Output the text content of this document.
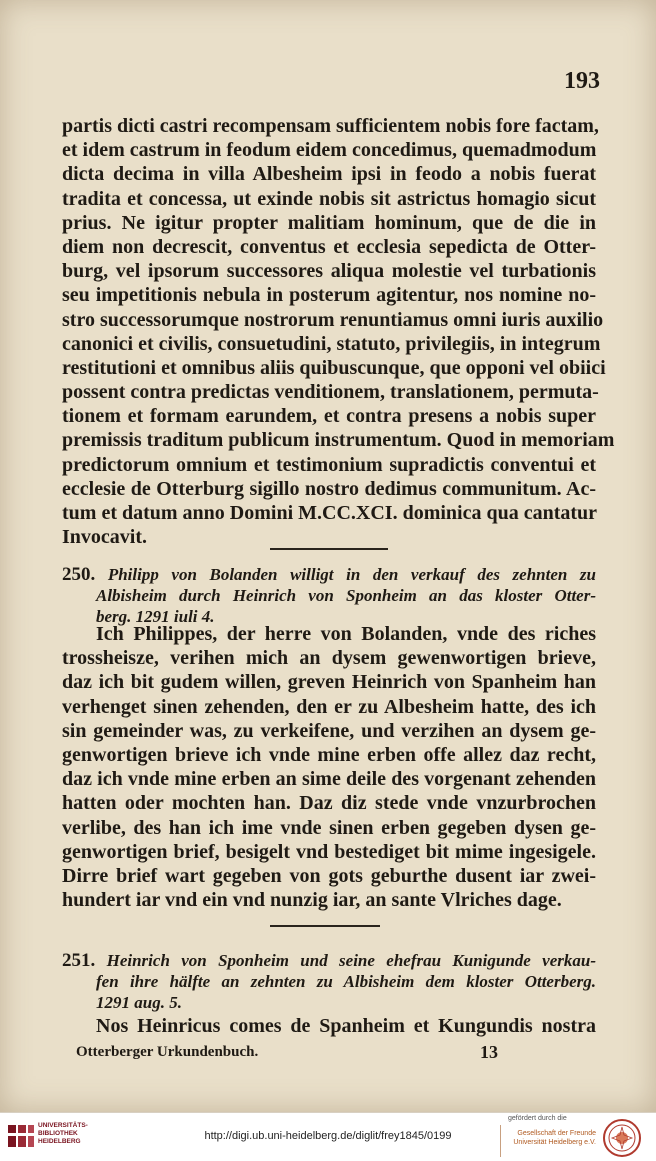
193
partis dicti castri recompensam sufficientem nobis fore factam,
et idem castrum in feodum eidem concedimus, quemadmodum
dicta decima in villa Albesheim ipsi in feodo a nobis fuerat
tradita et concessa, ut exinde nobis sit astrictus homagio sicut
prius. Ne igitur propter malitiam hominum, que de die in
diem non decrescit, conventus et ecclesia sepedicta de Otter-
burg, vel ipsorum successores aliqua molestie vel turbationis
seu impetitionis nebula in posterum agitentur, nos nomine no-
stro successorumque nostrorum renuntiamus omni iuris auxilio
canonici et civilis, consuetudini, statuto, privilegiis, in integrum
restitutioni et omnibus aliis quibuscunque, que opponi vel obiici
possent contra predictas venditionem, translationem, permuta-
tionem et formam earundem, et contra presens a nobis super
premissis traditum publicum instrumentum. Quod in memoriam
predictorum omnium et testimonium supradictis conventui et
ecclesie de Otterburg sigillo nostro dedimus communitum. Ac-
tum et datum anno Domini M.CC.XCI. dominica qua cantatur
Invocavit.
250. Philipp von Bolanden willigt in den verkauf des zehnten zu
Albisheim durch Heinrich von Sponheim an das kloster Otter-
berg. 1291 iuli 4.
Ich Philippes, der herre von Bolanden, vnde des riches
trossheisze, verihen mich an dysem gewenwortigen brieve,
daz ich bit gudem willen, greven Heinrich von Spanheim han
verhenget sinen zehenden, den er zu Albesheim hatte, des ich
sin gemeinder was, zu verkeifene, und verzihen an dysem ge-
genwortigen brieve ich vnde mine erben offe allez daz recht,
daz ich vnde mine erben an sime deile des vorgenant zehenden
hatten oder mochten han. Daz diz stede vnde vnzurbrochen
verlibe, des han ich ime vnde sinen erben gegeben dysen ge-
genwortigen brief, besigelt vnd bestediget bit mime ingesigele.
Dirre brief wart gegeben von gots geburthe dusent iar zwei-
hundert iar vnd ein vnd nunzig iar, an sante Vlriches dage.
251. Heinrich von Sponheim und seine ehefrau Kunigunde verkau-
fen ihre hälfte an zehnten zu Albisheim dem kloster Otterberg.
1291 aug. 5.
Nos Heinricus comes de Spanheim et Kungundis nostra
Otterberger Urkundenbuch.	13
UNIVERSITÄTS-
BIBLIOTHEK
HEIDELBERG	http://digi.ub.uni-heidelberg.de/diglit/frey1845/0199
gefördert durch die
Gesellschaft der Freunde
Universität Heidelberg e.V.
